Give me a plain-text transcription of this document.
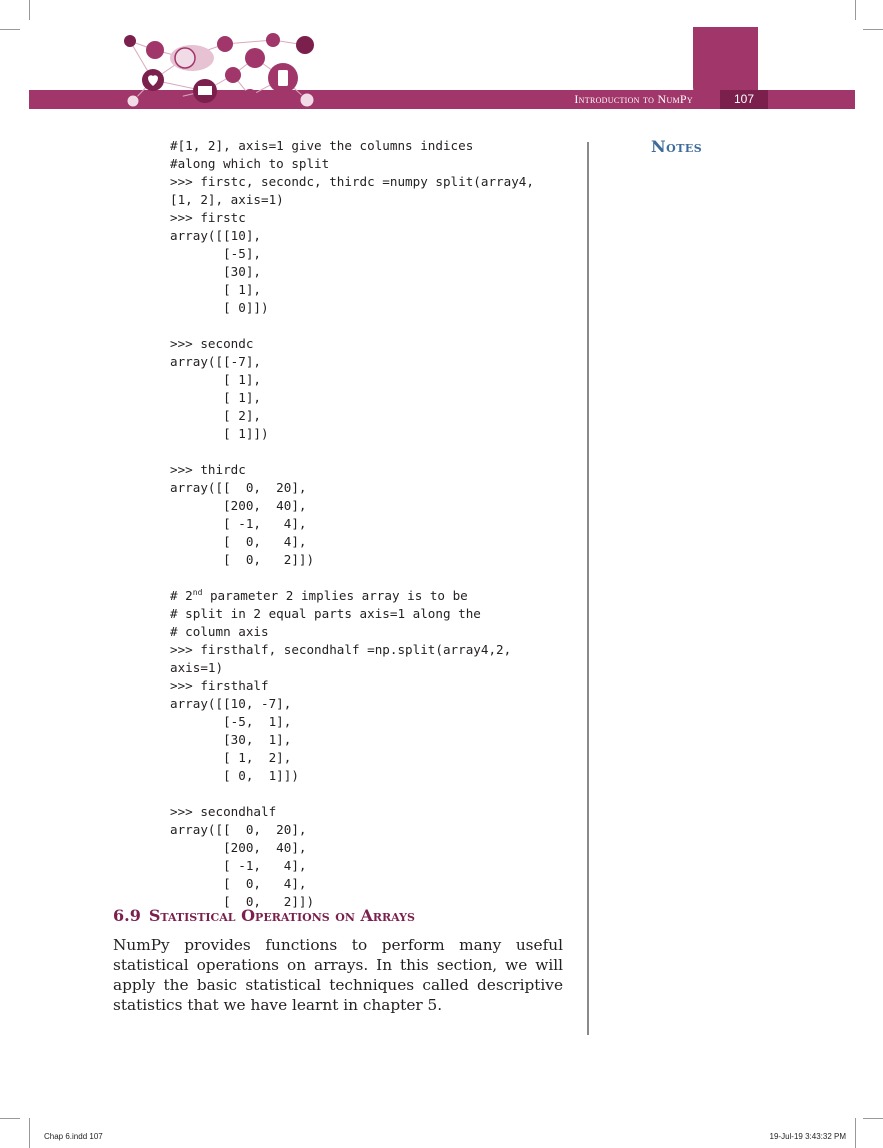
107
Introduction to NumPy
Notes
#[1, 2], axis=1 give the columns indices
#along which to split
>>> firstc, secondc, thirdc =numpy split(array4,
[1, 2], axis=1)
>>> firstc
array([[10],
[-5],
[30],
[ 1],
[ 0]])

>>> secondc
array([[-7],
[ 1],
[ 1],
[ 2],
[ 1]])

>>> thirdc
array([[  0,  20],
[200,  40],
[ -1,   4],
[  0,   4],
[  0,   2]])

# 2nd parameter 2 implies array is to be
# split in 2 equal parts axis=1 along the
# column axis
>>> firsthalf, secondhalf =np.split(array4,2,
axis=1)
>>> firsthalf
array([[10, -7],
[-5,  1],
[30,  1],
[ 1,  2],
[ 0,  1]])

>>> secondhalf
array([[  0,  20],
[200,  40],
[ -1,   4],
[  0,   4],
[  0,   2]])

6.9 Statistical Operations on Arrays

NumPy provides functions to perform many useful statistical operations on arrays. In this section, we will apply the basic statistical techniques called descriptive statistics that we have learnt in chapter 5.

Chap 6.indd 107	19-Jul-19 3:43:32 PM
